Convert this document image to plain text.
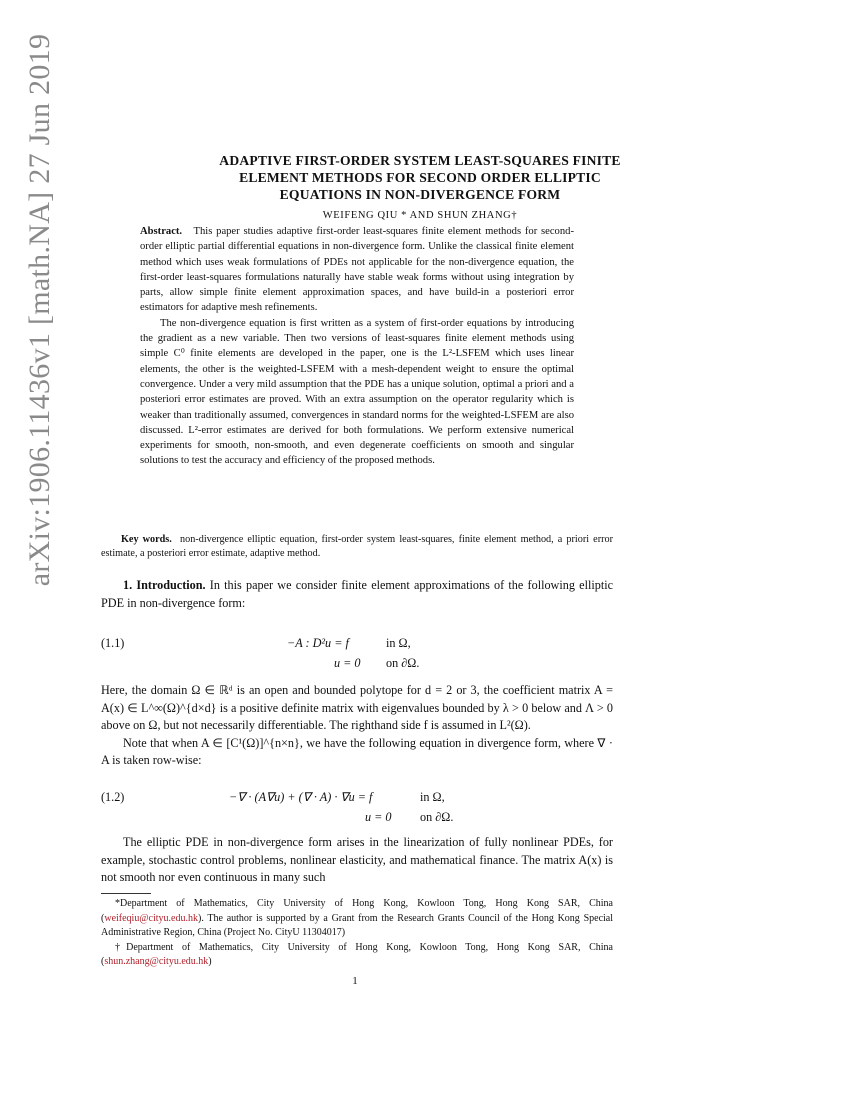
arXiv:1906.11436v1 [math.NA] 27 Jun 2019	ADAPTIVE FIRST-ORDER SYSTEM LEAST-SQUARES FINITE
ELEMENT METHODS FOR SECOND ORDER ELLIPTIC
EQUATIONS IN NON-DIVERGENCE FORM
WEIFENG QIU * AND SHUN ZHANG†

Abstract. This paper studies adaptive first-order least-squares finite element methods for second-order elliptic partial differential equations in non-divergence form. Unlike the classical finite element method which uses weak formulations of PDEs not applicable for the non-divergence equation, the first-order least-squares formulations naturally have stable weak forms without using integration by parts, allow simple finite element approximation spaces, and have build-in a posteriori error estimators for adaptive mesh refinements.

The non-divergence equation is first written as a system of first-order equations by introducing the gradient as a new variable. Then two versions of least-squares finite element methods using simple C⁰ finite elements are developed in the paper, one is the L²-LSFEM which uses linear elements, the other is the weighted-LSFEM with a mesh-dependent weight to ensure the optimal convergence. Under a very mild assumption that the PDE has a unique solution, optimal a priori and a posteriori error estimates are proved. With an extra assumption on the operator regularity which is weaker than traditionally assumed, convergences in standard norms for the weighted-LSFEM are also discussed. L²-error estimates are derived for both formulations. We perform extensive numerical experiments for smooth, non-smooth, and even degenerate coefficients on smooth and singular solutions to test the accuracy and efficiency of the proposed methods.

Key words. non-divergence elliptic equation, first-order system least-squares, finite element method, a priori error estimate, a posteriori error estimate, adaptive method.

1. Introduction. In this paper we consider finite element approximations of the following elliptic PDE in non-divergence form:

(1.1)	−A : D²u = f	in Ω,
u = 0 on ∂Ω.

Here, the domain Ω ∈ ℝᵈ is an open and bounded polytope for d = 2 or 3, the coefficient matrix A = A(x) ∈ L^∞(Ω)^{d×d} is a positive definite matrix with eigenvalues bounded by λ > 0 below and Λ > 0 above on Ω, but not necessarily differentiable. The righthand side f is assumed in L²(Ω).

Note that when A ∈ [C¹(Ω)]^{n×n}, we have the following equation in divergence form, where ∇ · A is taken row-wise:

(1.2)	−∇ · (A∇u) + (∇ · A) · ∇u = f	in Ω,
u = 0 on ∂Ω.

The elliptic PDE in non-divergence form arises in the linearization of fully nonlinear PDEs, for example, stochastic control problems, nonlinear elasticity, and mathematical finance. The matrix A(x) is not smooth nor even continuous in many such

*Department of Mathematics, City University of Hong Kong, Kowloon Tong, Hong Kong SAR, China (weifeqiu@cityu.edu.hk). The author is supported by a Grant from the Research Grants Council of the Hong Kong Special Administrative Region, China (Project No. CityU 11304017)

†Department of Mathematics, City University of Hong Kong, Kowloon Tong, Hong Kong SAR, China (shun.zhang@cityu.edu.hk)

1
